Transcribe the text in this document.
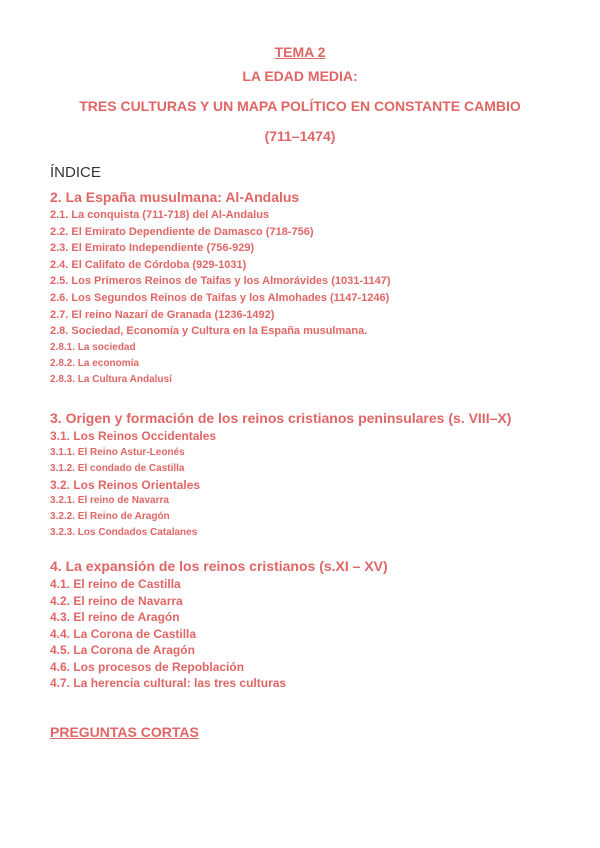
TEMA 2
LA EDAD MEDIA:
TRES CULTURAS Y UN MAPA POLÍTICO EN CONSTANTE CAMBIO
(711–1474)
ÍNDICE
2. La España musulmana: Al-Andalus
2.1. La conquista (711-718) del Al-Andalus
2.2. El Emirato Dependiente de Damasco (718-756)
2.3. El Emirato Independiente (756-929)
2.4. El Califato de Córdoba (929-1031)
2.5. Los Primeros Reinos de Taifas y los Almorávides (1031-1147)
2.6. Los Segundos Reinos de Taifas y los Almohades (1147-1246)
2.7. El reino Nazarí de Granada (1236-1492)
2.8. Sociedad, Economía y Cultura en la España musulmana.
2.8.1. La sociedad
2.8.2. La economía
2.8.3. La Cultura Andalusí
3. Origen y formación de los reinos cristianos peninsulares (s. VIII–X)
3.1. Los Reinos Occidentales
3.1.1. El Reino Astur-Leonés
3.1.2. El condado de Castilla
3.2. Los Reinos Orientales
3.2.1. El reino de Navarra
3.2.2. El Reino de Aragón
3.2.3. Los Condados Catalanes
4. La expansión de los reinos cristianos (s.XI – XV)
4.1. El reino de Castilla
4.2. El reino de Navarra
4.3. El reino de Aragón
4.4. La Corona de Castilla
4.5. La Corona de Aragón
4.6. Los procesos de Repoblación
4.7. La herencia cultural: las tres culturas
PREGUNTAS CORTAS
